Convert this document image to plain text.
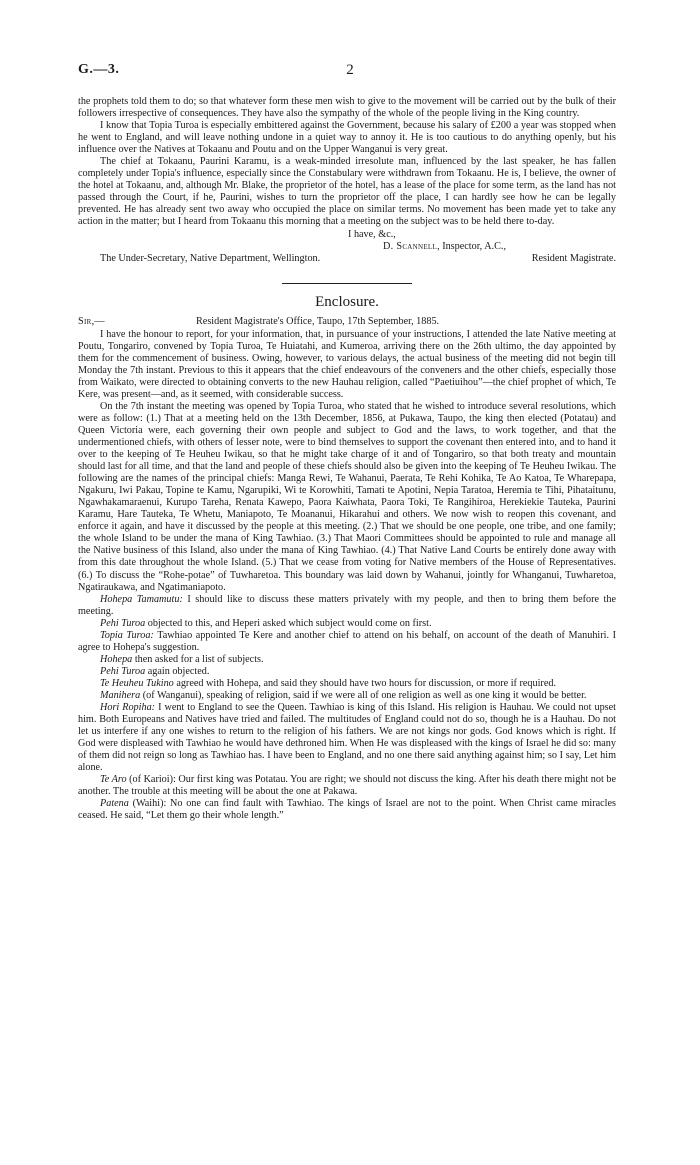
G.—3.	2

the prophets told them to do; so that whatever form these men wish to give to the movement will be carried out by the bulk of their followers irrespective of consequences. They have also the sympathy of the whole of the people living in the King country.

I know that Topia Turoa is especially embittered against the Government, because his salary of £200 a year was stopped when he went to England, and will leave nothing undone in a quiet way to annoy it. He is too cautious to do anything openly, but his influence over the Natives at Tokaanu and Poutu and on the Upper Wanganui is very great.

The chief at Tokaanu, Paurini Karamu, is a weak-minded irresolute man, influenced by the last speaker, he has fallen completely under Topia's influence, especially since the Constabulary were withdrawn from Tokaanu. He is, I believe, the owner of the hotel at Tokaanu, and, although Mr. Blake, the proprietor of the hotel, has a lease of the place for some term, as the land has not passed through the Court, if he, Paurini, wishes to turn the proprietor off the place, I can hardly see how he can be legally prevented. He has already sent two away who occupied the place on similar terms. No movement has been made yet to take any action in the matter; but I heard from Tokaanu this morning that a meeting on the subject was to be held there to-day.

I have, &c.,
D. Scannell, Inspector, A.C.,
The Under-Secretary, Native Department, Wellington.	Resident Magistrate.
Enclosure.
Sir,—	Resident Magistrate's Office, Taupo, 17th September, 1885.

I have the honour to report, for your information, that, in pursuance of your instructions, I attended the late Native meeting at Poutu, Tongariro, convened by Topia Turoa, Te Huiatahi, and Kumeroa, arriving there on the 26th ultimo, the day appointed by them for the commencement of business. Owing, however, to various delays, the actual business of the meeting did not begin till Monday the 7th instant. Previous to this it appears that the chief endeavours of the conveners and the other chiefs, especially those from Waikato, were directed to obtaining converts to the new Hauhau religion, called “Paetiuihou”—the chief prophet of which, Te Kere, was present—and, as it seemed, with considerable success.

On the 7th instant the meeting was opened by Topia Turoa, who stated that he wished to introduce several resolutions, which were as follow: (1.) That at a meeting held on the 13th December, 1856, at Pukawa, Taupo, the king then elected (Potatau) and Queen Victoria were, each governing their own people and subject to God and the laws, to work together, and that the undermentioned chiefs, with others of lesser note, were to bind themselves to support the covenant then entered into, and to hand it over to the keeping of Te Heuheu Iwikau, so that he might take charge of it and of Tongariro, so that both treaty and mountain should last for all time, and that the land and people of these chiefs should also be given into the keeping of Te Heuheu Iwikau. The following are the names of the principal chiefs: Manga Rewi, Te Wahanui, Paerata, Te Rehi Kohika, Te Ao Katoa, Te Wharepapa, Ngakuru, Iwi Pakau, Topine te Kamu, Ngarupiki, Wi te Korowhiti, Tamati te Apotini, Nepia Taratoa, Heremia te Tihi, Pihataitunu, Ngawhakamaraenui, Kurupo Tareha, Renata Kawepo, Paora Kaiwhata, Paora Toki, Te Rangihiroa, Herekiekie Tauteka, Paurini Karamu, Hare Tauteka, Te Whetu, Maniapoto, Te Moananui, Hikarahui and others. We now wish to reopen this covenant, and enforce it again, and have it discussed by the people at this meeting. (2.) That we should be one people, one tribe, and one family; the whole Island to be under the mana of King Tawhiao. (3.) That Maori Committees should be appointed to rule and manage all the Native business of this Island, also under the mana of King Tawhiao. (4.) That Native Land Courts be entirely done away with from this date throughout the whole Island. (5.) That we cease from voting for Native members of the House of Representatives. (6.) To discuss the “Rohe-potae” of Tuwharetoa. This boundary was laid down by Wahanui, jointly for Whanganui, Tuwharetoa, Ngatiraukawa, and Ngatimaniapoto.

Hohepa Tamamutu: I should like to discuss these matters privately with my people, and then to bring them before the meeting.

Pehi Turoa objected to this, and Heperi asked which subject would come on first.

Topia Turoa: Tawhiao appointed Te Kere and another chief to attend on his behalf, on account of the death of Manuhiri. I agree to Hohepa's suggestion.

Hohepa then asked for a list of subjects.

Pehi Turoa again objected.

Te Heuheu Tukino agreed with Hohepa, and said they should have two hours for discussion, or more if required.

Manihera (of Wanganui), speaking of religion, said if we were all of one religion as well as one king it would be better.

Hori Ropiha: I went to England to see the Queen. Tawhiao is king of this Island. His religion is Hauhau. We could not upset him. Both Europeans and Natives have tried and failed. The multitudes of England could not do so, though he is a Hauhau. Do not let us interfere if any one wishes to return to the religion of his fathers. We are not kings nor gods. God knows which is right. If God were displeased with Tawhiao he would have dethroned him. When He was displeased with the kings of Israel he did so: many of them did not reign so long as Tawhiao has. I have been to England, and no one there said anything against him; so I say, Let him alone.

Te Aro (of Karioi): Our first king was Potatau. You are right; we should not discuss the king. After his death there might not be another. The trouble at this meeting will be about the one at Pakawa.

Patena (Waihi): No one can find fault with Tawhiao. The kings of Israel are not to the point. When Christ came miracles ceased. He said, “Let them go their whole length.”
